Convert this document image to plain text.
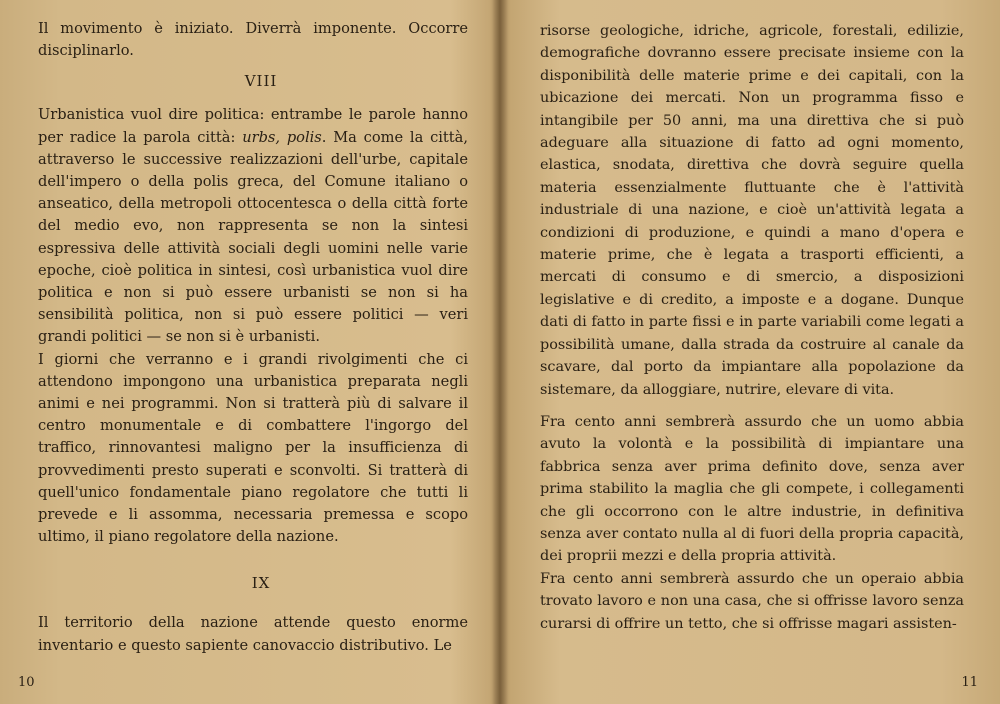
Il movimento è iniziato. Diverrà imponente. Occorre disciplinarlo.

VIII

Urbanistica vuol dire politica: entrambe le parole hanno per radice la parola città: urbs, polis. Ma come la città, attraverso le successive realizzazioni dell'urbe, capitale dell'impero o della polis greca, del Comune italiano o anseatico, della metropoli ottocentesca o della città forte del medio evo, non rappresenta se non la sintesi espressiva delle attività sociali degli uomini nelle varie epoche, cioè politica in sintesi, così urbanistica vuol dire politica e non si può essere urbanisti se non si ha sensibilità politica, non si può essere politici — veri grandi politici — se non si è urbanisti.

I giorni che verranno e i grandi rivolgimenti che ci attendono impongono una urbanistica preparata negli animi e nei programmi. Non si tratterà più di salvare il centro monumentale e di combattere l'ingorgo del traffico, rinnovantesi maligno per la insufficienza di provvedimenti presto superati e sconvolti. Si tratterà di quell'unico fondamentale piano regolatore che tutti li prevede e li assomma, necessaria premessa e scopo ultimo, il piano regolatore della nazione.

IX

Il territorio della nazione attende questo enorme inventario e questo sapiente canovaccio distributivo. Le

10

risorse geologiche, idriche, agricole, forestali, edilizie, demografiche dovranno essere precisate insieme con la disponibilità delle materie prime e dei capitali, con la ubicazione dei mercati. Non un programma fisso e intangibile per 50 anni, ma una direttiva che si può adeguare alla situazione di fatto ad ogni momento, elastica, snodata, direttiva che dovrà seguire quella materia essenzialmente fluttuante che è l'attività industriale di una nazione, e cioè un'attività legata a condizioni di produzione, e quindi a mano d'opera e materie prime, che è legata a trasporti efficienti, a mercati di consumo e di smercio, a disposizioni legislative e di credito, a imposte e a dogane. Dunque dati di fatto in parte fissi e in parte variabili come legati a possibilità umane, dalla strada da costruire al canale da scavare, dal porto da impiantare alla popolazione da sistemare, da alloggiare, nutrire, elevare di vita.

Fra cento anni sembrerà assurdo che un uomo abbia avuto la volontà e la possibilità di impiantare una fabbrica senza aver prima definito dove, senza aver prima stabilito la maglia che gli compete, i collegamenti che gli occorrono con le altre industrie, in definitiva senza aver contato nulla al di fuori della propria capacità, dei proprii mezzi e della propria attività.

Fra cento anni sembrerà assurdo che un operaio abbia trovato lavoro e non una casa, che si offrisse lavoro senza curarsi di offrire un tetto, che si offrisse magari assisten-

11
